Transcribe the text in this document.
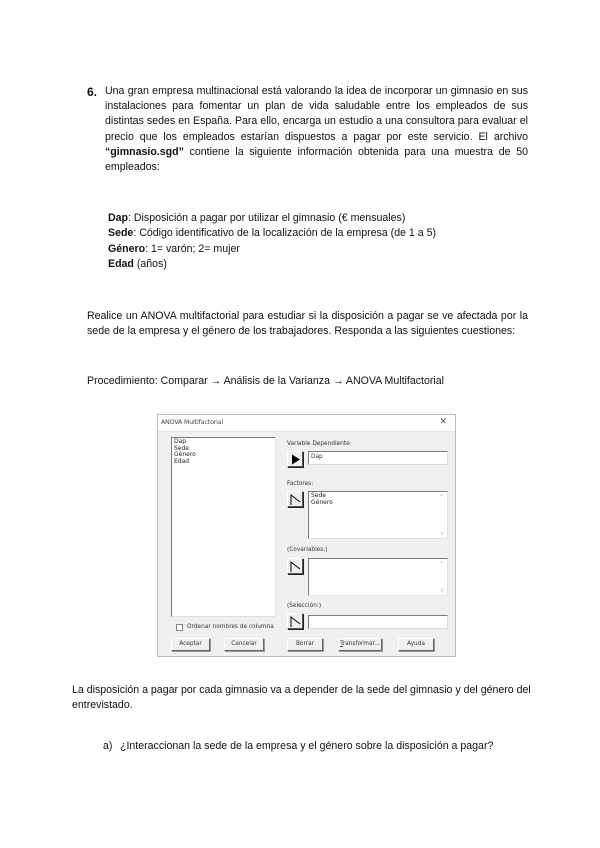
6. Una gran empresa multinacional está valorando la idea de incorporar un gimnasio en sus instalaciones para fomentar un plan de vida saludable entre los empleados de sus distintas sedes en España. Para ello, encarga un estudio a una consultora para evaluar el precio que los empleados estarían dispuestos a pagar por este servicio. El archivo “gimnasio.sgd” contiene la siguiente información obtenida para una muestra de 50 empleados:
Dap: Disposición a pagar por utilizar el gimnasio (€ mensuales)
Sede: Código identificativo de la localización de la empresa (de 1 a 5)
Género: 1= varón; 2= mujer
Edad (años)
Realice un ANOVA multifactorial para estudiar si la disposición a pagar se ve afectada por la sede de la empresa y el género de los trabajadores. Responda a las siguientes cuestiones:
Procedimiento: Comparar → Análisis de la Varianza → ANOVA Multifactorial
ANOVA Multifactorial	✕
Dap
Sede
Género
Edad
Variable Dependiente:
Dap
Factores:
Sede
Género
^
v
(Covariables:)
^
v
(Selección:)
Ordenar nombres de columna
Aceptar	Cancelar	Borrar	Transformar...	Ayuda
La disposición a pagar por cada gimnasio va a depender de la sede del gimnasio y del género del entrevistado.
a) ¿Interaccionan la sede de la empresa y el género sobre la disposición a pagar?
